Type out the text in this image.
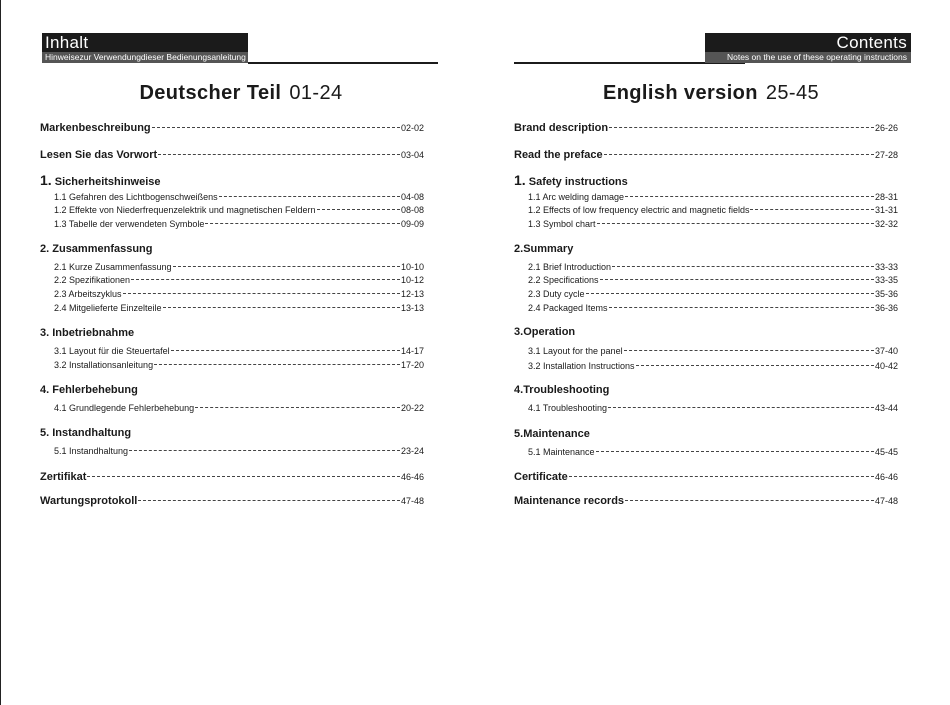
Inhalt
Hinweisezur Verwendungdieser Bedienungsanleitung
Deutscher Teil 01-24
Markenbeschreibung	02-02
Lesen Sie das Vorwort	03-04
1. Sicherheitshinweise
1.1 Gefahren des Lichtbogenschweißens	04-08
1.2 Effekte von Niederfrequenzelektrik und magnetischen Feldern	08-08
1.3 Tabelle der verwendeten Symbole	09-09
2. Zusammenfassung
2.1 Kurze Zusammenfassung	10-10
2.2 Spezifikationen	10-12
2.3 Arbeitszyklus	12-13
2.4 Mitgelieferte Einzelteile	13-13
3. Inbetriebnahme
3.1 Layout für die Steuertafel	14-17
3.2 Installationsanleitung	17-20
4. Fehlerbehebung
4.1 Grundlegende Fehlerbehebung	20-22
5. Instandhaltung
5.1 Instandhaltung	23-24
Zertifikat	46-46
Wartungsprotokoll	47-48
Contents
Notes on the use of these operating instructions
English version 25-45
Brand description	26-26
Read the preface	27-28
1. Safety instructions
1.1 Arc welding damage	28-31
1.2 Effects of low frequency electric and magnetic fields	31-31
1.3 Symbol chart	32-32
2.Summary
2.1 Brief Introduction	33-33
2.2 Specifications	33-35
2.3 Duty cycle	35-36
2.4 Packaged Items	36-36
3.Operation
3.1 Layout for the panel	37-40
3.2 Installation Instructions	40-42
4.Troubleshooting
4.1 Troubleshooting	43-44
5.Maintenance
5.1 Maintenance	45-45
Certificate	46-46
Maintenance records	47-48
